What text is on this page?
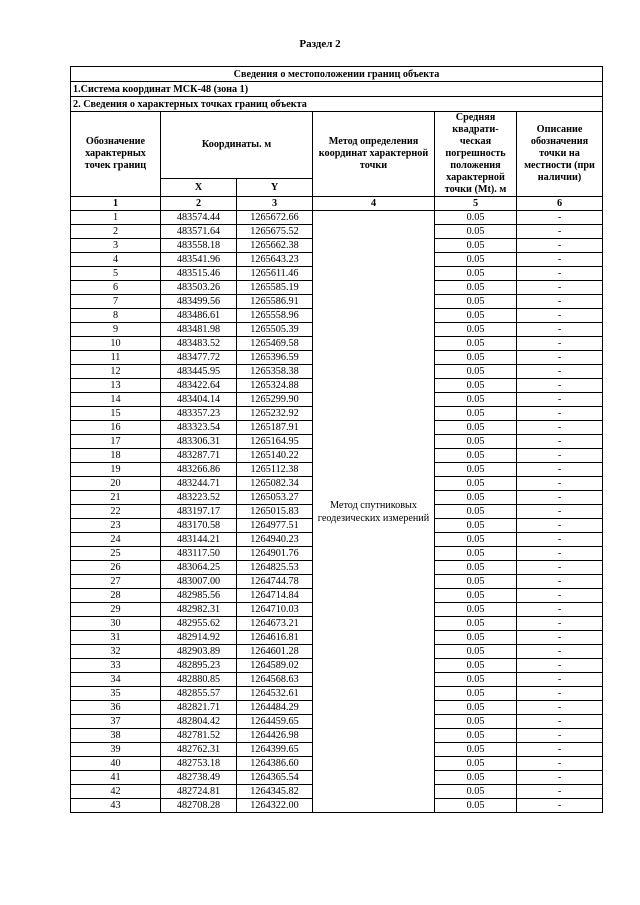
Раздел 2
Сведения о местоположении границ объекта					
1.Система координат МСК-48 (зона 1)					
2. Сведения о характерных точках границ объекта					
Обозначение характерных точек границ	Координаты. м		Метод определения координат характерной точки	Средняя квадрати-ческая погрешность положения характерной точки (Mt). м	Описание обозначения точки на местности (при наличии)
	X	Y			
1	2	3	4	5	6
1	483574.44	1265672.66	Метод спутниковых геодезических измерений	0.05	-
2	483571.64	1265675.52		0.05	-
3	483558.18	1265662.38		0.05	-
4	483541.96	1265643.23		0.05	-
5	483515.46	1265611.46		0.05	-
6	483503.26	1265585.19		0.05	-
7	483499.56	1265586.91		0.05	-
8	483486.61	1265558.96		0.05	-
9	483481.98	1265505.39		0.05	-
10	483483.52	1265469.58		0.05	-
11	483477.72	1265396.59		0.05	-
12	483445.95	1265358.38		0.05	-
13	483422.64	1265324.88		0.05	-
14	483404.14	1265299.90		0.05	-
15	483357.23	1265232.92		0.05	-
16	483323.54	1265187.91		0.05	-
17	483306.31	1265164.95		0.05	-
18	483287.71	1265140.22		0.05	-
19	483266.86	1265112.38		0.05	-
20	483244.71	1265082.34		0.05	-
21	483223.52	1265053.27		0.05	-
22	483197.17	1265015.83		0.05	-
23	483170.58	1264977.51		0.05	-
24	483144.21	1264940.23		0.05	-
25	483117.50	1264901.76		0.05	-
26	483064.25	1264825.53		0.05	-
27	483007.00	1264744.78		0.05	-
28	482985.56	1264714.84		0.05	-
29	482982.31	1264710.03		0.05	-
30	482955.62	1264673.21		0.05	-
31	482914.92	1264616.81		0.05	-
32	482903.89	1264601.28		0.05	-
33	482895.23	1264589.02		0.05	-
34	482880.85	1264568.63		0.05	-
35	482855.57	1264532.61		0.05	-
36	482821.71	1264484.29		0.05	-
37	482804.42	1264459.65		0.05	-
38	482781.52	1264426.98		0.05	-
39	482762.31	1264399.65		0.05	-
40	482753.18	1264386.60		0.05	-
41	482738.49	1264365.54		0.05	-
42	482724.81	1264345.82		0.05	-
43	482708.28	1264322.00		0.05	-
